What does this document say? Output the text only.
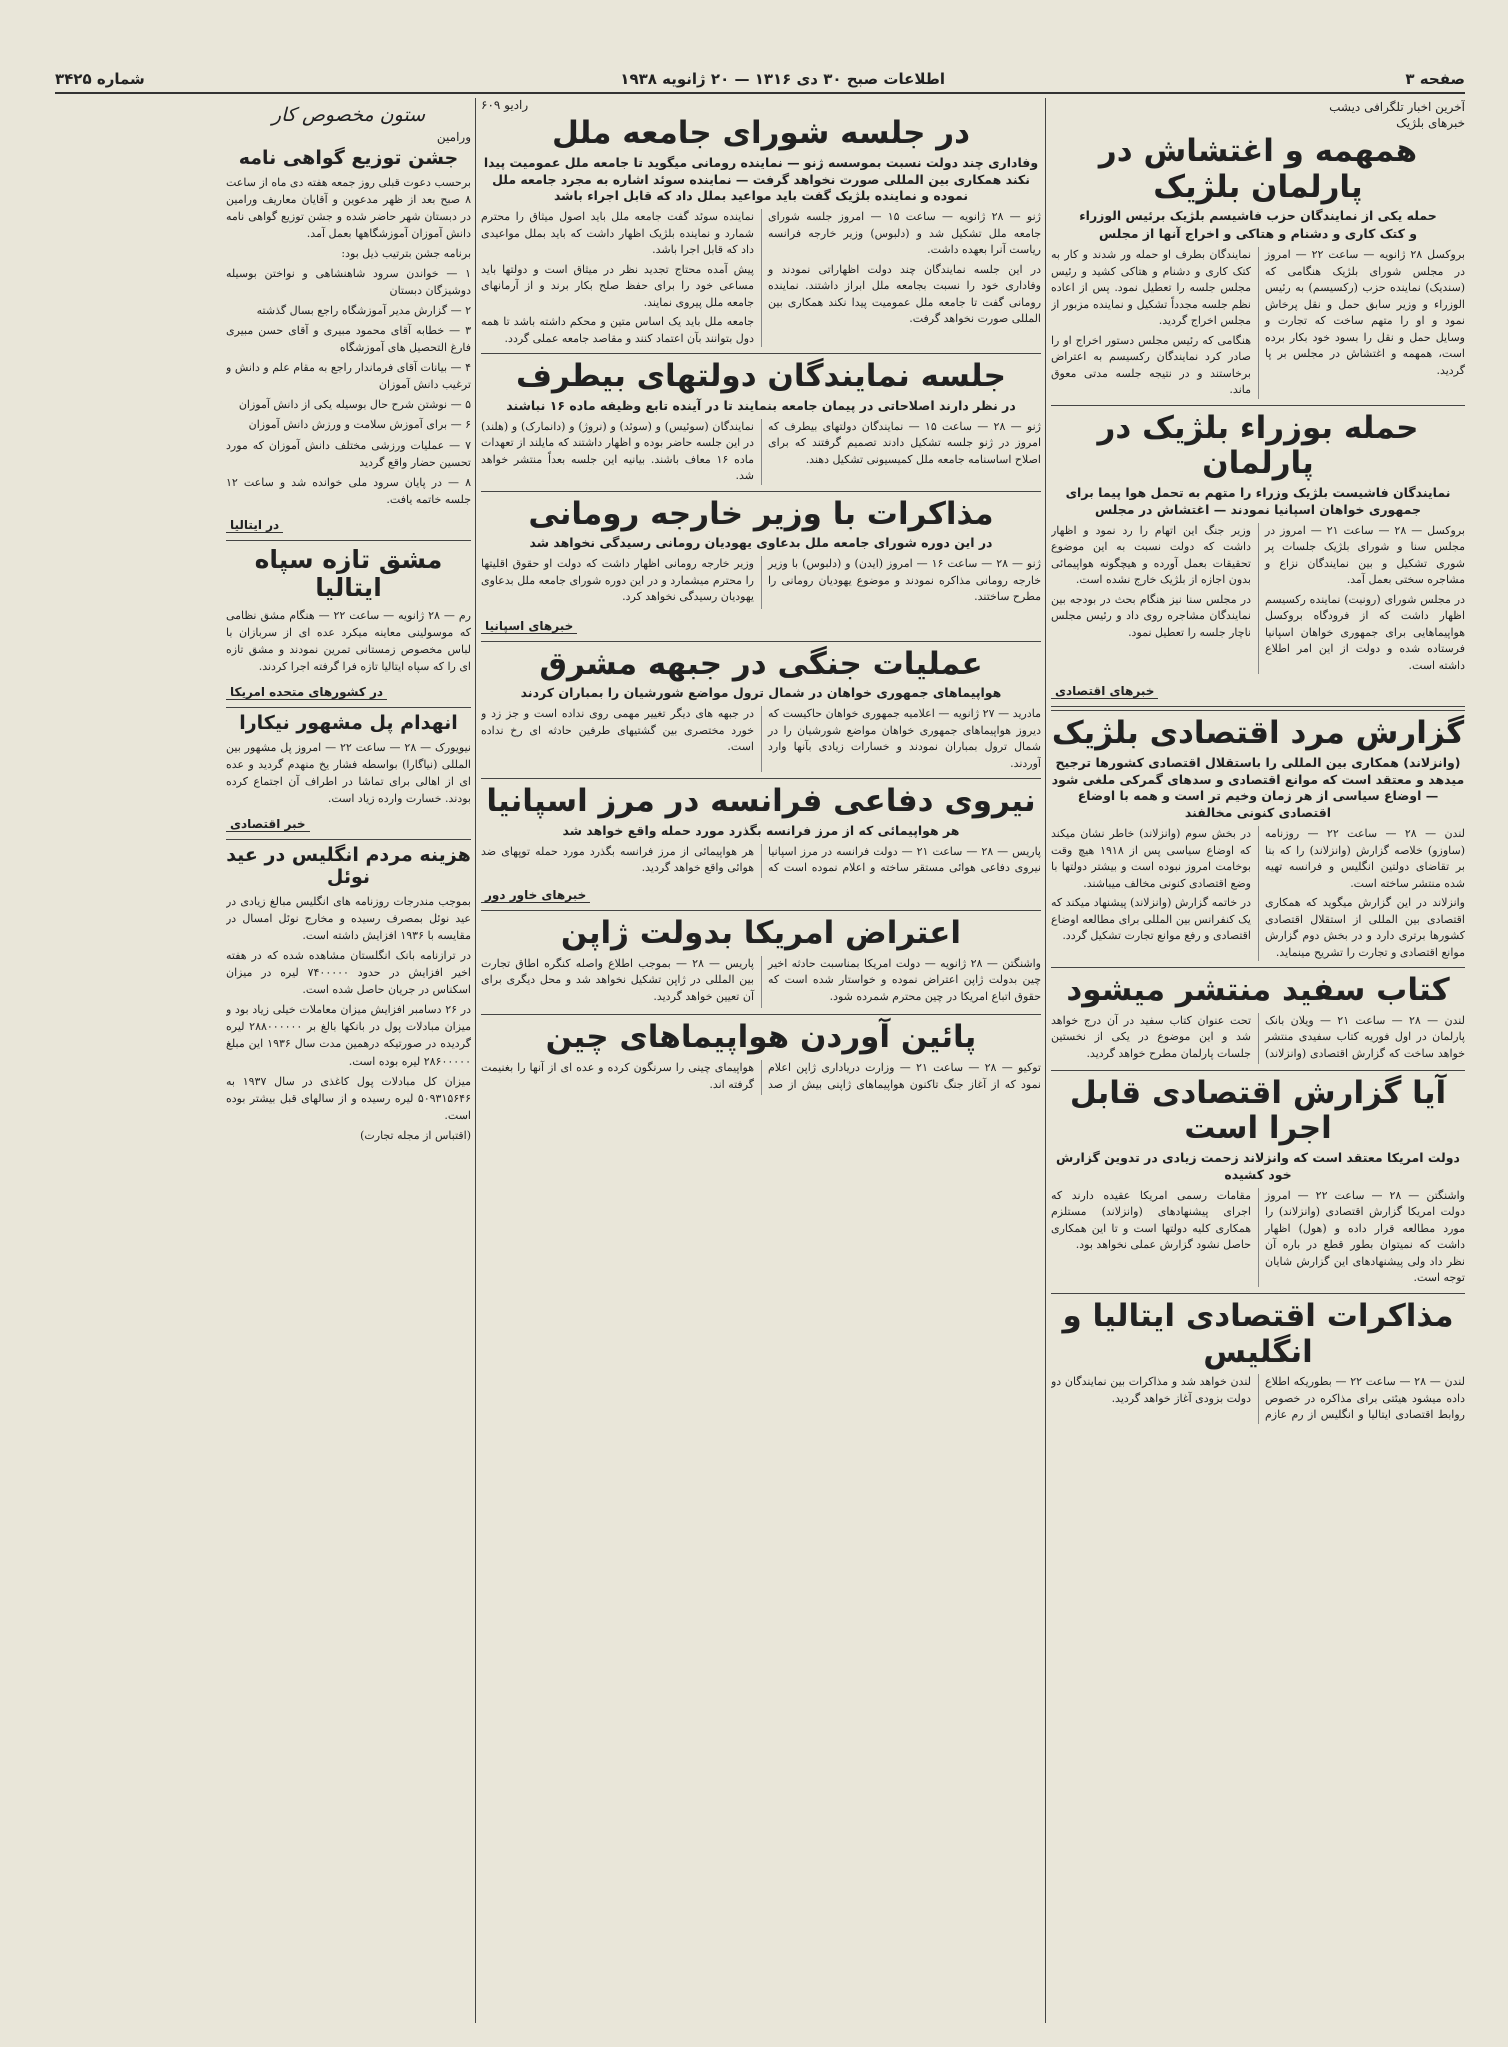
صفحه ۳
اطلاعات صبح ۳۰ دی ۱۳۱۶ — ۲۰ ژانویه ۱۹۳۸
شماره ۳۴۲۵
آخرین اخبار تلگرافی دیشب
خبرهای بلژیک
همهمه و اغتشاش در پارلمان بلژیک
حمله یکی از نمایندگان حزب فاشیسم بلژیک برئیس الوزراء
و کتک کاری و دشنام و هتاکی و اخراج آنها از مجلس

بروکسل ۲۸ ژانویه — ساعت ۲۲ — امروز در مجلس شورای بلژیک هنگامی که (سندیک) نماینده حزب (رکسیسم) به رئیس الوزراء و وزیر سابق حمل و نقل پرخاش نمود و او را متهم ساخت که تجارت و وسایل حمل و نقل را بسود خود بکار برده است، همهمه و اغتشاش در مجلس بر پا گردید.

نمایندگان بطرف او حمله ور شدند و کار به کتک کاری و دشنام و هتاکی کشید و رئیس مجلس جلسه را تعطیل نمود. پس از اعاده نظم جلسه مجدداً تشکیل و نماینده مزبور از مجلس اخراج گردید.

هنگامی که رئیس مجلس دستور اخراج او را صادر کرد نمایندگان رکسیسم به اعتراض برخاستند و در نتیجه جلسه مدتی معوق ماند.

حمله بوزراء بلژیک در پارلمان
نمایندگان فاشیست بلژیک وزراء را متهم به تحمل هوا پیما برای جمهوری خواهان اسپانیا نمودند — اغتشاش در مجلس

بروکسل — ۲۸ — ساعت ۲۱ — امروز در مجلس سنا و شورای بلژیک جلسات پر شوری تشکیل و بین نمایندگان نزاع و مشاجره سختی بعمل آمد.

در مجلس شورای (رونیت) نماینده رکسیسم اظهار داشت که از فرودگاه بروکسل هواپیماهایی برای جمهوری خواهان اسپانیا فرستاده شده و دولت از این امر اطلاع داشته است.

وزیر جنگ این اتهام را رد نمود و اظهار داشت که دولت نسبت به این موضوع تحقیقات بعمل آورده و هیچگونه هواپیمائی بدون اجازه از بلژیک خارج نشده است.

در مجلس سنا نیز هنگام بحث در بودجه بین نمایندگان مشاجره روی داد و رئیس مجلس ناچار جلسه را تعطیل نمود.

خبرهای اقتصادی
گزارش مرد اقتصادی بلژیک
(وانزلاند) همکاری بین المللی را باستقلال اقتصادی کشورها ترجیح میدهد و معتقد است که موانع اقتصادی و سدهای گمرکی ملغی شود — اوضاع سیاسی از هر زمان وخیم تر است و همه با اوضاع اقتصادی کنونی مخالفند

لندن — ۲۸ — ساعت ۲۲ — روزنامه (ساوزو) خلاصه گزارش (وانزلاند) را که بنا بر تقاضای دولتین انگلیس و فرانسه تهیه شده منتشر ساخته است.

وانزلاند در این گزارش میگوید که همکاری اقتصادی بین المللی از استقلال اقتصادی کشورها برتری دارد و در بخش دوم گزارش موانع اقتصادی و تجارت را تشریح مینماید.

در بخش سوم (وانزلاند) خاطر نشان میکند که اوضاع سیاسی پس از ۱۹۱۸ هیچ وقت بوخامت امروز نبوده است و بیشتر دولتها با وضع اقتصادی کنونی مخالف میباشند.

در خاتمه گزارش (وانزلاند) پیشنهاد میکند که یک کنفرانس بین المللی برای مطالعه اوضاع اقتصادی و رفع موانع تجارت تشکیل گردد.

کتاب سفید منتشر میشود

لندن — ۲۸ — ساعت ۲۱ — ویلان بانک پارلمان در اول فوریه کتاب سفیدی منتشر خواهد ساخت که گزارش اقتصادی (وانزلاند) تحت عنوان کتاب سفید در آن درج خواهد شد و این موضوع در یکی از نخستین جلسات پارلمان مطرح خواهد گردید.

آیا گزارش اقتصادی قابل اجرا است
دولت امریکا معتقد است که وانزلاند زحمت زیادی در تدوین گزارش خود کشیده

واشنگتن — ۲۸ — ساعت ۲۲ — امروز دولت امریکا گزارش اقتصادی (وانزلاند) را مورد مطالعه قرار داده و (هول) اظهار داشت که نمیتوان بطور قطع در باره آن نظر داد ولی پیشنهادهای این گزارش شایان توجه است.

مقامات رسمی امریکا عقیده دارند که اجرای پیشنهادهای (وانزلاند) مستلزم همکاری کلیه دولتها است و تا این همکاری حاصل نشود گزارش عملی نخواهد بود.

مذاکرات اقتصادی ایتالیا و انگلیس

لندن — ۲۸ — ساعت ۲۲ — بطوریکه اطلاع داده میشود هیئتی برای مذاکره در خصوص روابط اقتصادی ایتالیا و انگلیس از رم عازم لندن خواهد شد و مذاکرات بین نمایندگان دو دولت بزودی آغاز خواهد گردید.

رادیو ۶۰۹
در جلسه شورای جامعه ملل
وفاداری چند دولت نسبت بموسسه ژنو — نماینده رومانی میگوید تا جامعه ملل عمومیت پیدا نکند همکاری بین المللی صورت نخواهد گرفت — نماینده سوئد اشاره به مجرد جامعه ملل نموده و نماینده بلژیک گفت باید مواعید بملل داد که قابل اجراء باشد

ژنو — ۲۸ ژانویه — ساعت ۱۵ — امروز جلسه شورای جامعه ملل تشکیل شد و (دلبوس) وزیر خارجه فرانسه ریاست آنرا بعهده داشت.

در این جلسه نمایندگان چند دولت اظهاراتی نمودند و وفاداری خود را نسبت بجامعه ملل ابراز داشتند. نماینده رومانی گفت تا جامعه ملل عمومیت پیدا نکند همکاری بین المللی صورت نخواهد گرفت.

نماینده سوئد گفت جامعه ملل باید اصول میثاق را محترم شمارد و نماینده بلژیک اظهار داشت که باید بملل مواعیدی داد که قابل اجرا باشد.

پیش آمده محتاج تجدید نظر در میثاق است و دولتها باید مساعی خود را برای حفظ صلح بکار برند و از آرمانهای جامعه ملل پیروی نمایند.

جامعه ملل باید یک اساس متین و محکم داشته باشد تا همه دول بتوانند بآن اعتماد کنند و مقاصد جامعه عملی گردد.

جلسه نمایندگان دولتهای بیطرف
در نظر دارند اصلاحاتی در پیمان جامعه بنمایند تا در آینده تابع وظیفه ماده ۱۶ نباشند

ژنو — ۲۸ — ساعت ۱۵ — نمایندگان دولتهای بیطرف که امروز در ژنو جلسه تشکیل دادند تصمیم گرفتند که برای اصلاح اساسنامه جامعه ملل کمیسیونی تشکیل دهند.

نمایندگان (سوئیس) و (سوئد) و (نروژ) و (دانمارک) و (هلند) در این جلسه حاضر بوده و اظهار داشتند که مایلند از تعهدات ماده ۱۶ معاف باشند. بیانیه این جلسه بعداً منتشر خواهد شد.

مذاکرات با وزیر خارجه رومانی
در این دوره شورای جامعه ملل بدعاوی یهودیان رومانی رسیدگی نخواهد شد

ژنو — ۲۸ — ساعت ۱۶ — امروز (ایدن) و (دلبوس) با وزیر خارجه رومانی مذاکره نمودند و موضوع یهودیان رومانی را مطرح ساختند.

وزیر خارجه رومانی اظهار داشت که دولت او حقوق اقلیتها را محترم میشمارد و در این دوره شورای جامعه ملل بدعاوی یهودیان رسیدگی نخواهد کرد.

خبرهای اسپانیا
عملیات جنگی در جبهه مشرق
هواپیماهای جمهوری خواهان در شمال ترول مواضع شورشیان را بمباران کردند

مادرید — ۲۷ ژانویه — اعلامیه جمهوری خواهان حاکیست که دیروز هواپیماهای جمهوری خواهان مواضع شورشیان را در شمال ترول بمباران نمودند و خسارات زیادی بآنها وارد آوردند.

در جبهه های دیگر تغییر مهمی روی نداده است و جز زد و خورد مختصری بین گشتیهای طرفین حادثه ای رخ نداده است.

نیروی دفاعی فرانسه در مرز اسپانیا
هر هواپیمائی که از مرز فرانسه بگذرد مورد حمله واقع خواهد شد

پاریس — ۲۸ — ساعت ۲۱ — دولت فرانسه در مرز اسپانیا نیروی دفاعی هوائی مستقر ساخته و اعلام نموده است که هر هواپیمائی از مرز فرانسه بگذرد مورد حمله توپهای ضد هوائی واقع خواهد گردید.

خبرهای خاور دور
اعتراض امریکا بدولت ژاپن

واشنگتن — ۲۸ ژانویه — دولت امریکا بمناسبت حادثه اخیر چین بدولت ژاپن اعتراض نموده و خواستار شده است که حقوق اتباع امریکا در چین محترم شمرده شود.

پاریس — ۲۸ — بموجب اطلاع واصله کنگره اطاق تجارت بین المللی در ژاپن تشکیل نخواهد شد و محل دیگری برای آن تعیین خواهد گردید.

پائین آوردن هواپیماهای چین

توکیو — ۲۸ — ساعت ۲۱ — وزارت دریاداری ژاپن اعلام نمود که از آغاز جنگ تاکنون هواپیماهای ژاپنی بیش از صد هواپیمای چینی را سرنگون کرده و عده ای از آنها را بغنیمت گرفته اند.

ستون مخصوص کار
ورامین
جشن توزیع گواهی نامه

برحسب دعوت قبلی روز جمعه هفته دی ماه از ساعت ۸ صبح بعد از ظهر مدعوین و آقایان معاریف ورامین در دبستان شهر حاضر شده و جشن توزیع گواهی نامه دانش آموزان آموزشگاهها بعمل آمد.

برنامه جشن بترتیب ذیل بود:

۱ — خواندن سرود شاهنشاهی و نواختن بوسیله دوشیزگان دبستان

۲ — گزارش مدیر آموزشگاه راجع بسال گذشته

۳ — خطابه آقای محمود مبیری و آقای حسن مبیری فارغ التحصیل های آموزشگاه

۴ — بیانات آقای فرماندار راجع به مقام علم و دانش و ترغیب دانش آموزان

۵ — نوشتن شرح حال بوسیله یکی از دانش آموزان

۶ — برای آموزش سلامت و ورزش دانش آموزان

۷ — عملیات ورزشی مختلف دانش آموزان که مورد تحسین حضار واقع گردید

۸ — در پایان سرود ملی خوانده شد و ساعت ۱۲ جلسه خاتمه یافت.

در ایتالیا
مشق تازه سپاه ایتالیا

رم — ۲۸ ژانویه — ساعت ۲۲ — هنگام مشق نظامی که موسولینی معاینه میکرد عده ای از سربازان با لباس مخصوص زمستانی تمرین نمودند و مشق تازه ای را که سپاه ایتالیا تازه فرا گرفته اجرا کردند.

در کشورهای متحده امریکا
انهدام پل مشهور نیکارا

نیویورک — ۲۸ — ساعت ۲۲ — امروز پل مشهور بین المللی (نیاگارا) بواسطه فشار یخ منهدم گردید و عده ای از اهالی برای تماشا در اطراف آن اجتماع کرده بودند. خسارت وارده زیاد است.

خبر اقتصادی
هزینه مردم انگلیس در عید نوئل

بموجب مندرجات روزنامه های انگلیس مبالغ زیادی در عید نوئل بمصرف رسیده و مخارج نوئل امسال در مقایسه با ۱۹۳۶ افزایش داشته است.

در ترازنامه بانک انگلستان مشاهده شده که در هفته اخیر افزایش در حدود ۷۴۰۰۰۰۰ لیره در میزان اسکناس در جریان حاصل شده است.

در ۲۶ دسامبر افزایش میزان معاملات خیلی زیاد بود و میزان مبادلات پول در بانکها بالغ بر ۲۸۸۰۰۰۰۰۰ لیره گردیده در صورتیکه درهمین مدت سال ۱۹۳۶ این مبلغ ۲۸۶۰۰۰۰۰ لیره بوده است.

میزان کل مبادلات پول کاغذی در سال ۱۹۳۷ به ۵۰۹۳۱۵۶۴۶ لیره رسیده و از سالهای قبل بیشتر بوده است.

(اقتباس از مجله تجارت)
